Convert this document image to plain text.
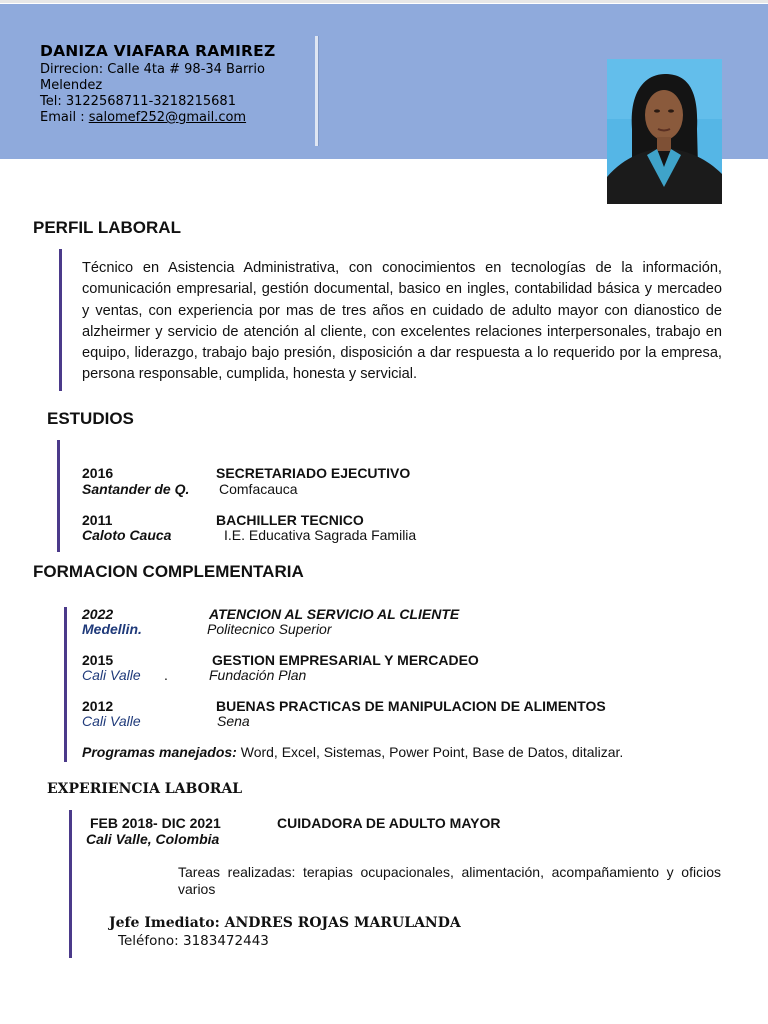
DANIZA VIAFARA RAMIREZ
Dirrecion: Calle 4ta # 98-34 Barrio
Melendez
Tel: 3122568711-3218215681
Email : salomef252@gmail.com
PERFIL LABORAL
Técnico en Asistencia Administrativa, con conocimientos en tecnologías de la información, comunicación empresarial, gestión documental, basico en ingles, contabilidad básica y mercadeo y ventas, con experiencia por mas de tres años en cuidado de adulto mayor con dianostico de alzheirmer y servicio de atención al cliente, con excelentes relaciones interpersonales, trabajo en equipo, liderazgo, trabajo bajo presión, disposición a dar respuesta a lo requerido por la empresa, persona responsable, cumplida, honesta y servicial.
ESTUDIOS
2016	SECRETARIADO EJECUTIVO
Santander de Q. Comfacauca
2011	BACHILLER TECNICO
Caloto Cauca	I.E. Educativa Sagrada Familia
FORMACION COMPLEMENTARIA
2022	ATENCION AL SERVICIO AL CLIENTE
Medellin.	Politecnico Superior
2015	GESTION EMPRESARIAL Y MERCADEO
Cali Valle .	Fundación Plan
2012	BUENAS PRACTICAS DE MANIPULACION DE ALIMENTOS
Cali Valle	Sena
Programas manejados: Word, Excel, Sistemas, Power Point, Base de Datos, ditalizar.
EXPERIENCIA LABORAL
FEB 2018- DIC 2021	CUIDADORA DE ADULTO MAYOR
Cali Valle, Colombia
Tareas realizadas: terapias ocupacionales, alimentación, acompañamiento y oficios varios
Jefe Imediato: ANDRES ROJAS MARULANDA
Teléfono: 3183472443
